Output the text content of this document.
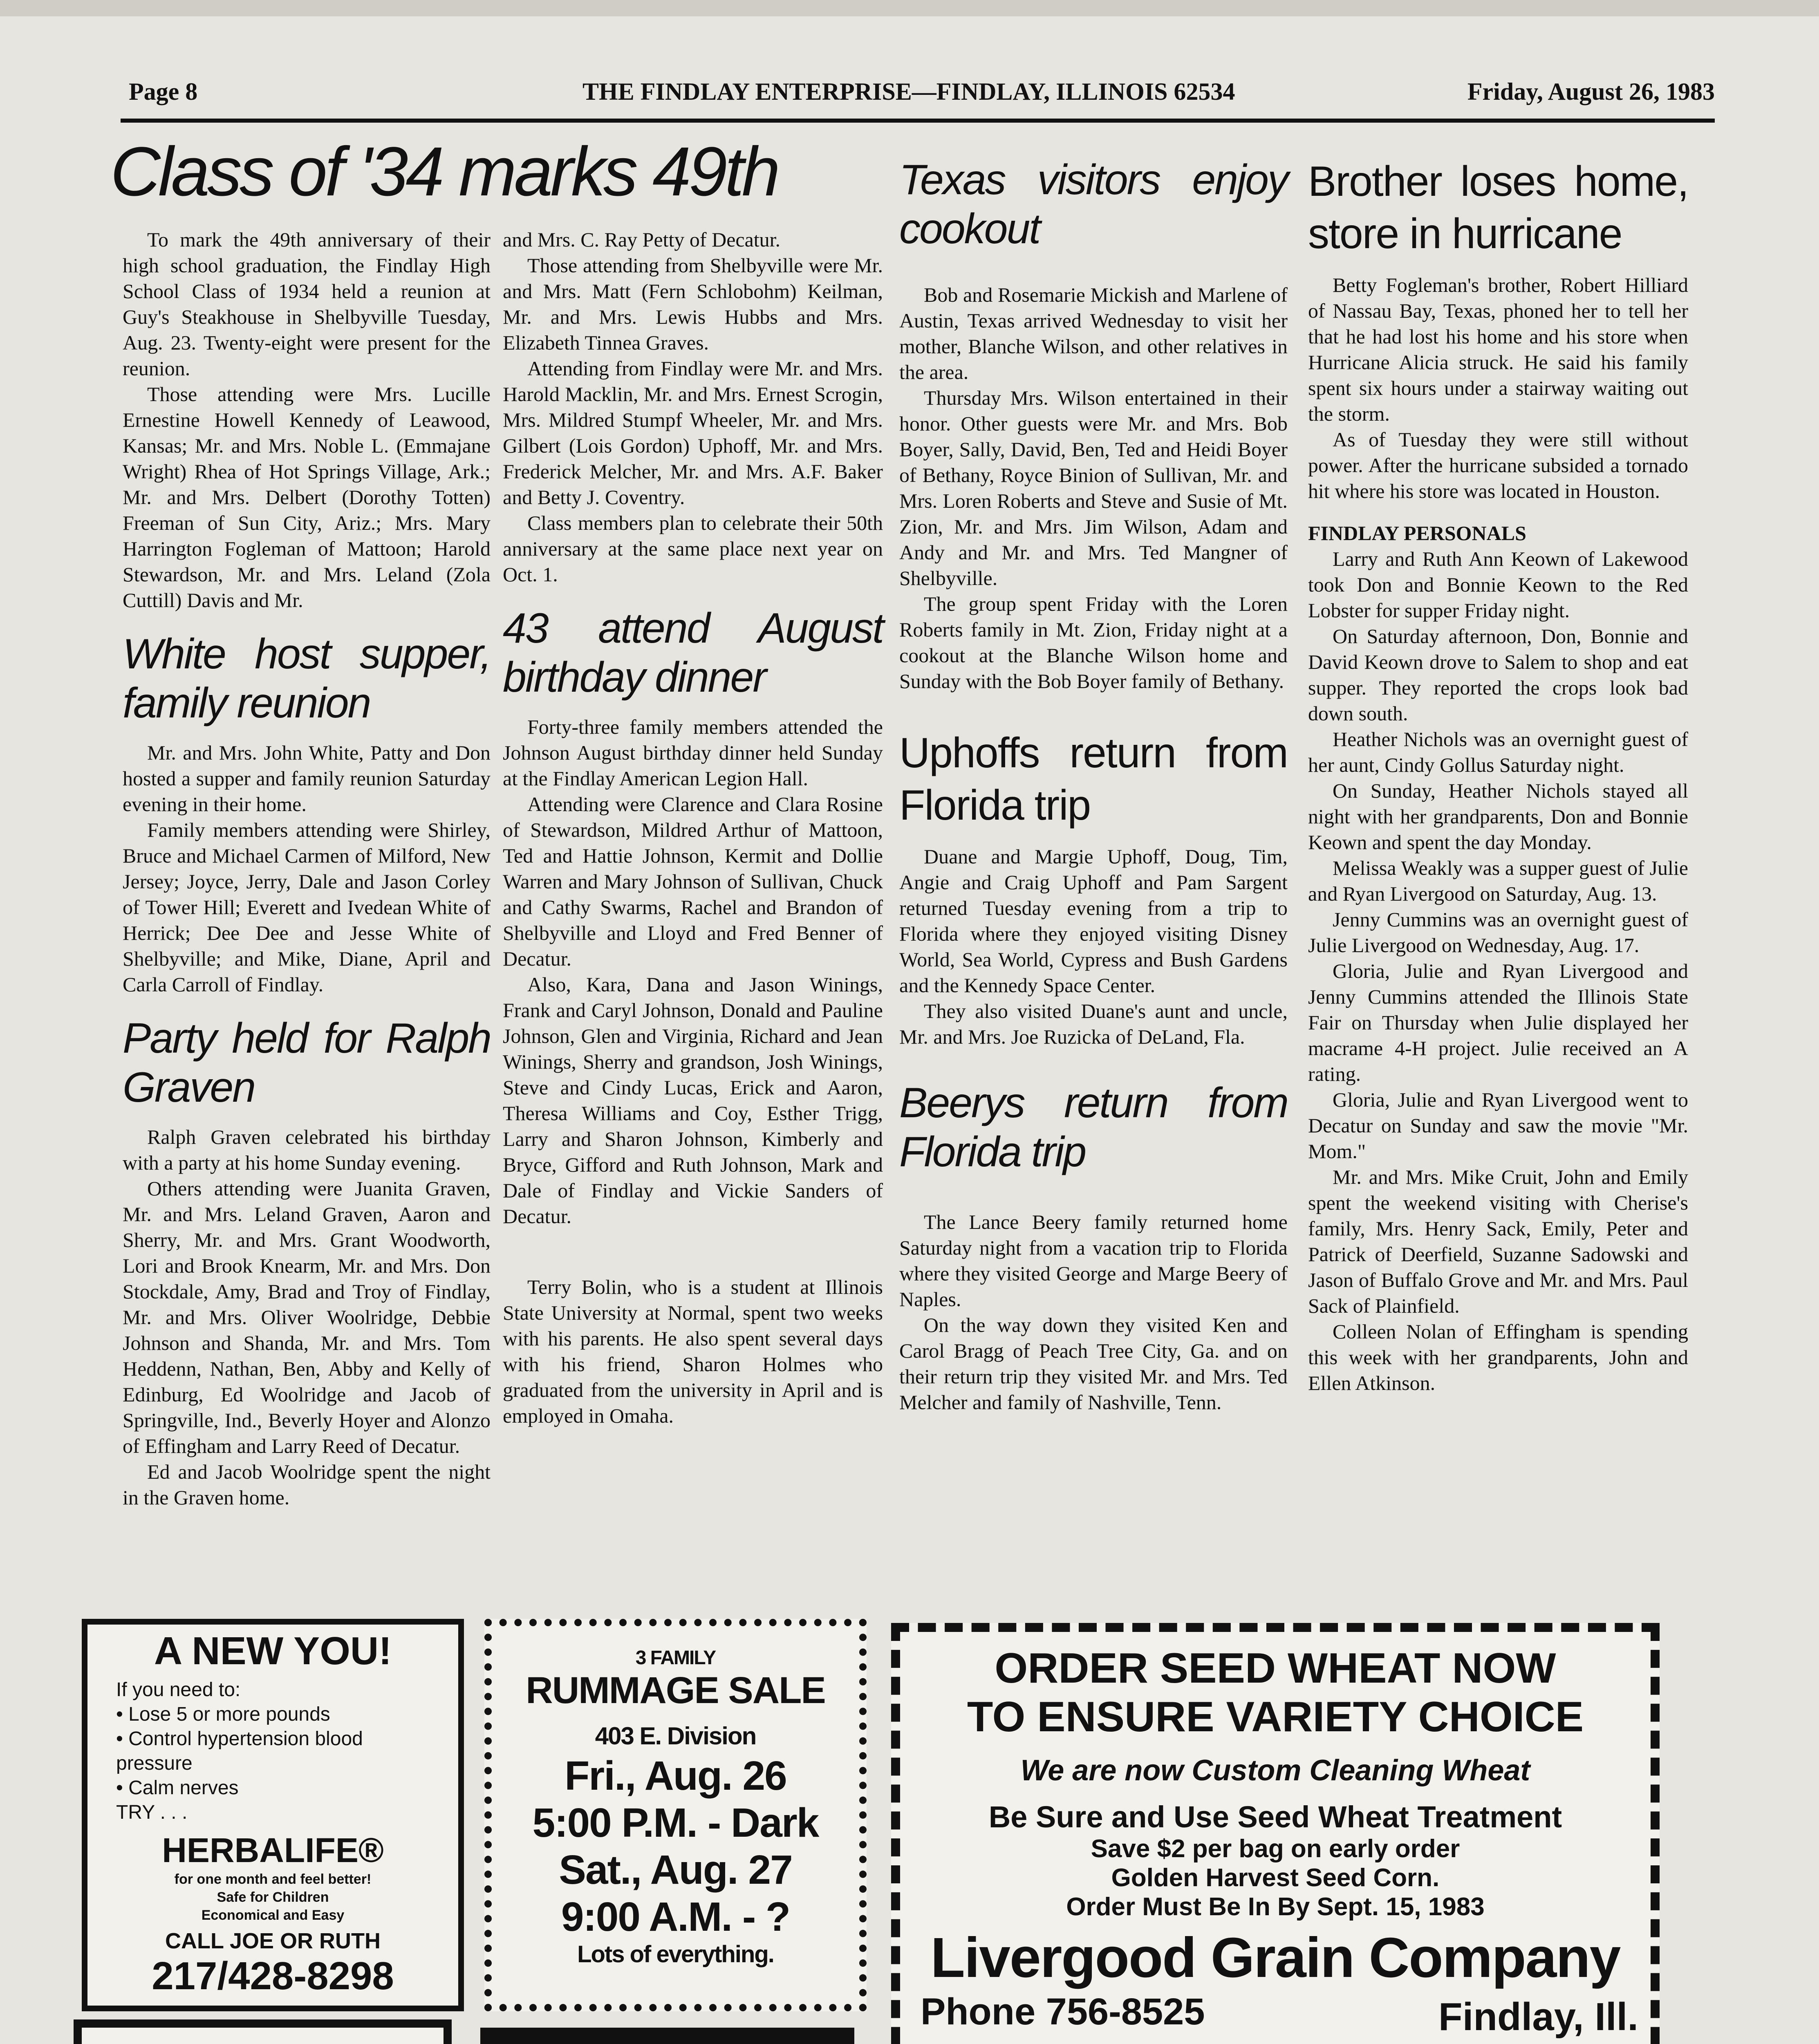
Page 8	THE FINDLAY ENTERPRISE—FINDLAY, ILLINOIS 62534	Friday, August 26, 1983
Class of '34 marks 49th

To mark the 49th anniversary of their high school graduation, the Findlay High School Class of 1934 held a reunion at Guy's Steakhouse in Shelbyville Tuesday, Aug. 23. Twenty-eight were present for the reunion.

Those attending were Mrs. Lucille Ernestine Howell Kennedy of Leawood, Kansas; Mr. and Mrs. Noble L. (Emmajane Wright) Rhea of Hot Springs Village, Ark.; Mr. and Mrs. Delbert (Dorothy Totten) Freeman of Sun City, Ariz.; Mrs. Mary Harrington Fogleman of Mattoon; Harold Stewardson, Mr. and Mrs. Leland (Zola Cuttill) Davis and Mr.

White host supper, family reunion

Mr. and Mrs. John White, Patty and Don hosted a supper and family reunion Saturday evening in their home.

Family members attending were Shirley, Bruce and Michael Carmen of Milford, New Jersey; Joyce, Jerry, Dale and Jason Corley of Tower Hill; Everett and Ivedean White of Herrick; Dee Dee and Jesse White of Shelbyville; and Mike, Diane, April and Carla Carroll of Findlay.

Party held for Ralph Graven

Ralph Graven celebrated his birthday with a party at his home Sunday evening.

Others attending were Juanita Graven, Mr. and Mrs. Leland Graven, Aaron and Sherry, Mr. and Mrs. Grant Woodworth, Lori and Brook Knearm, Mr. and Mrs. Don Stockdale, Amy, Brad and Troy of Findlay, Mr. and Mrs. Oliver Woolridge, Debbie Johnson and Shanda, Mr. and Mrs. Tom Heddenn, Nathan, Ben, Abby and Kelly of Edinburg, Ed Woolridge and Jacob of Springville, Ind., Beverly Hoyer and Alonzo of Effingham and Larry Reed of Decatur.

Ed and Jacob Woolridge spent the night in the Graven home.

and Mrs. C. Ray Petty of Decatur.

Those attending from Shelbyville were Mr. and Mrs. Matt (Fern Schlobohm) Keilman, Mr. and Mrs. Lewis Hubbs and Mrs. Elizabeth Tinnea Graves.

Attending from Findlay were Mr. and Mrs. Harold Macklin, Mr. and Mrs. Ernest Scrogin, Mrs. Mildred Stumpf Wheeler, Mr. and Mrs. Gilbert (Lois Gordon) Uphoff, Mr. and Mrs. Frederick Melcher, Mr. and Mrs. A.F. Baker and Betty J. Coventry.

Class members plan to celebrate their 50th anniversary at the same place next year on Oct. 1.

43 attend August birthday dinner

Forty-three family members attended the Johnson August birthday dinner held Sunday at the Findlay American Legion Hall.

Attending were Clarence and Clara Rosine of Stewardson, Mildred Arthur of Mattoon, Ted and Hattie Johnson, Kermit and Dollie Warren and Mary Johnson of Sullivan, Chuck and Cathy Swarms, Rachel and Brandon of Shelbyville and Lloyd and Fred Benner of Decatur.

Also, Kara, Dana and Jason Winings, Frank and Caryl Johnson, Donald and Pauline Johnson, Glen and Virginia, Richard and Jean Winings, Sherry and grandson, Josh Winings, Steve and Cindy Lucas, Erick and Aaron, Theresa Williams and Coy, Esther Trigg, Larry and Sharon Johnson, Kimberly and Bryce, Gifford and Ruth Johnson, Mark and Dale of Findlay and Vickie Sanders of Decatur.

Terry Bolin, who is a student at Illinois State University at Normal, spent two weeks with his parents. He also spent several days with his friend, Sharon Holmes who graduated from the university in April and is employed in Omaha.

Texas visitors enjoy cookout

Bob and Rosemarie Mickish and Marlene of Austin, Texas arrived Wednesday to visit her mother, Blanche Wilson, and other relatives in the area.

Thursday Mrs. Wilson entertained in their honor. Other guests were Mr. and Mrs. Bob Boyer, Sally, David, Ben, Ted and Heidi Boyer of Bethany, Royce Binion of Sullivan, Mr. and Mrs. Loren Roberts and Steve and Susie of Mt. Zion, Mr. and Mrs. Jim Wilson, Adam and Andy and Mr. and Mrs. Ted Mangner of Shelbyville.

The group spent Friday with the Loren Roberts family in Mt. Zion, Friday night at a cookout at the Blanche Wilson home and Sunday with the Bob Boyer family of Bethany.

Uphoffs return from Florida trip

Duane and Margie Uphoff, Doug, Tim, Angie and Craig Uphoff and Pam Sargent returned Tuesday evening from a trip to Florida where they enjoyed visiting Disney World, Sea World, Cypress and Bush Gardens and the Kennedy Space Center.

They also visited Duane's aunt and uncle, Mr. and Mrs. Joe Ruzicka of DeLand, Fla.

Beerys return from Florida trip

The Lance Beery family returned home Saturday night from a vacation trip to Florida where they visited George and Marge Beery of Naples.

On the way down they visited Ken and Carol Bragg of Peach Tree City, Ga. and on their return trip they visited Mr. and Mrs. Ted Melcher and family of Nashville, Tenn.

Brother loses home, store in hurricane

Betty Fogleman's brother, Robert Hilliard of Nassau Bay, Texas, phoned her to tell her that he had lost his home and his store when Hurricane Alicia struck. He said his family spent six hours under a stairway waiting out the storm.

As of Tuesday they were still without power. After the hurricane subsided a tornado hit where his store was located in Houston.

FINDLAY PERSONALS

Larry and Ruth Ann Keown of Lakewood took Don and Bonnie Keown to the Red Lobster for supper Friday night.

On Saturday afternoon, Don, Bonnie and David Keown drove to Salem to shop and eat supper. They reported the crops look bad down south.

Heather Nichols was an overnight guest of her aunt, Cindy Gollus Saturday night.

On Sunday, Heather Nichols stayed all night with her grandparents, Don and Bonnie Keown and spent the day Monday.

Melissa Weakly was a supper guest of Julie and Ryan Livergood on Saturday, Aug. 13.

Jenny Cummins was an overnight guest of Julie Livergood on Wednesday, Aug. 17.

Gloria, Julie and Ryan Livergood and Jenny Cummins attended the Illinois State Fair on Thursday when Julie displayed her macrame 4-H project. Julie received an A rating.

Gloria, Julie and Ryan Livergood went to Decatur on Sunday and saw the movie "Mr. Mom."

Mr. and Mrs. Mike Cruit, John and Emily spent the weekend visiting with Cherise's family, Mrs. Henry Sack, Emily, Peter and Patrick of Deerfield, Suzanne Sadowski and Jason of Buffalo Grove and Mr. and Mrs. Paul Sack of Plainfield.

Colleen Nolan of Effingham is spending this week with her grandparents, John and Ellen Atkinson.

A NEW YOU!
If you need to:
• Lose 5 or more pounds
• Control hypertension blood pressure
• Calm nerves
TRY . . .
HERBALIFE®
for one month and feel better!
Safe for Children
Economical and Easy
CALL JOE OR RUTH
217/428-8298
3 FAMILY
RUMMAGE SALE
403 E. Division
Fri., Aug. 26
5:00 P.M. - Dark
Sat., Aug. 27
9:00 A.M. - ?
Lots of everything.
ORDER SEED WHEAT NOW
TO ENSURE VARIETY CHOICE
We are now Custom Cleaning Wheat
Be Sure and Use Seed Wheat Treatment
Save $2 per bag on early order
Golden Harvest Seed Corn.
Order Must Be In By Sept. 15, 1983
Livergood Grain Company
Phone 756-8525	Findlay, Ill.
